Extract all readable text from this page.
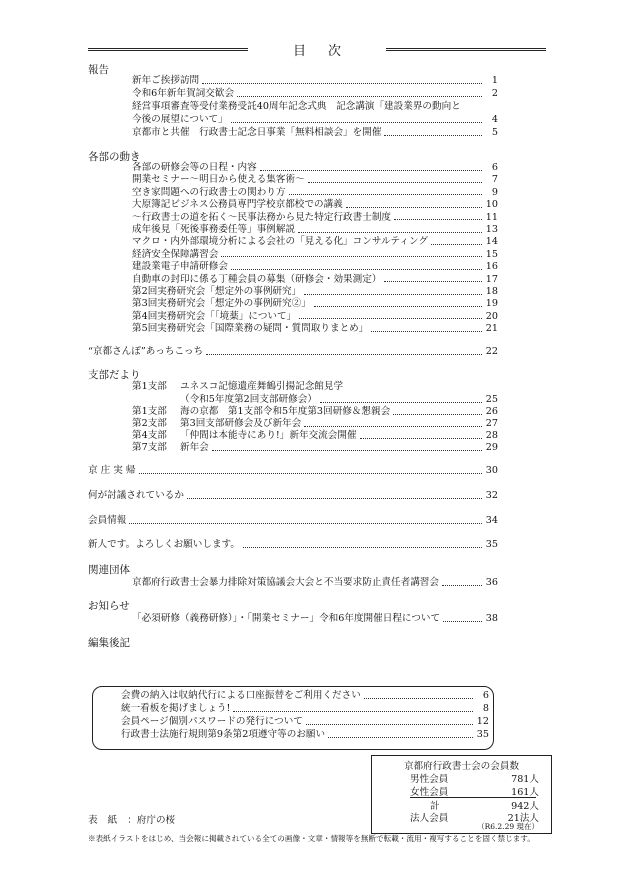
目次
報告
新年ご挨拶訪問	1
令和6年新年賀詞交歓会	2
経営事項審査等受付業務受託40周年記念式典　記念講演「建設業界の動向と
今後の展望について」	4
京都市と共催　行政書士記念日事業「無料相談会」を開催	5
各部の動き
各部の研修会等の日程・内容	6
開業セミナー～明日から使える集客術～	7
空き家問題への行政書士の関わり方	9
大原簿記ビジネス公務員専門学校京都校での講義	10
～行政書士の道を拓く～民事法務から見た特定行政書士制度	11
成年後見「死後事務委任等」事例解説	13
マクロ・内外部環境分析による会社の「見える化」コンサルティング	14
経済安全保障講習会	15
建設業電子申請研修会	16
自動車の封印に係る丁種会員の募集（研修会・効果測定）	17
第2回実務研究会「想定外の事例研究」	18
第3回実務研究会「想定外の事例研究②」	19
第4回実務研究会「「境薬」について」	20
第5回実務研究会「国際業務の疑問・質問取りまとめ」	21
“京都さんぽ”あっちこっち	22
支部だより
第1支部 ユネスコ記憶遺産舞鶴引揚記念館見学
（令和5年度第2回支部研修会）	25
第1支部 海の京都　第1支部令和5年度第3回研修＆懇親会	26
第2支部 第3回支部研修会及び新年会	27
第4支部 「仲間は本能寺にあり!」新年交流会開催	28
第7支部 新年会	29
京 庄 実 帰	30
何が討議されているか	32
会員情報	34
新人です。よろしくお願いします。	35
関連団体
京都府行政書士会暴力排除対策協議会大会と不当要求防止責任者講習会	36
お知らせ
「必須研修（義務研修）」・「開業セミナー」令和6年度開催日程について	38
編集後記
会費の納入は収納代行による口座振替をご利用ください	6
統一看板を掲げましょう!	8
会員ページ個別パスワードの発行について	12
行政書士法施行規則第9条第2項遵守等のお願い	35
京都府行政書士会の会員数
男性会員	781人
女性会員	161人
計	942人
法人会員	21法人
（R6.2.29 現在）
表紙：府庁の桜
※表紙イラストをはじめ、当会報に掲載されている全ての画像・文章・情報等を無断で転載・流用・複写することを固く禁じます。
